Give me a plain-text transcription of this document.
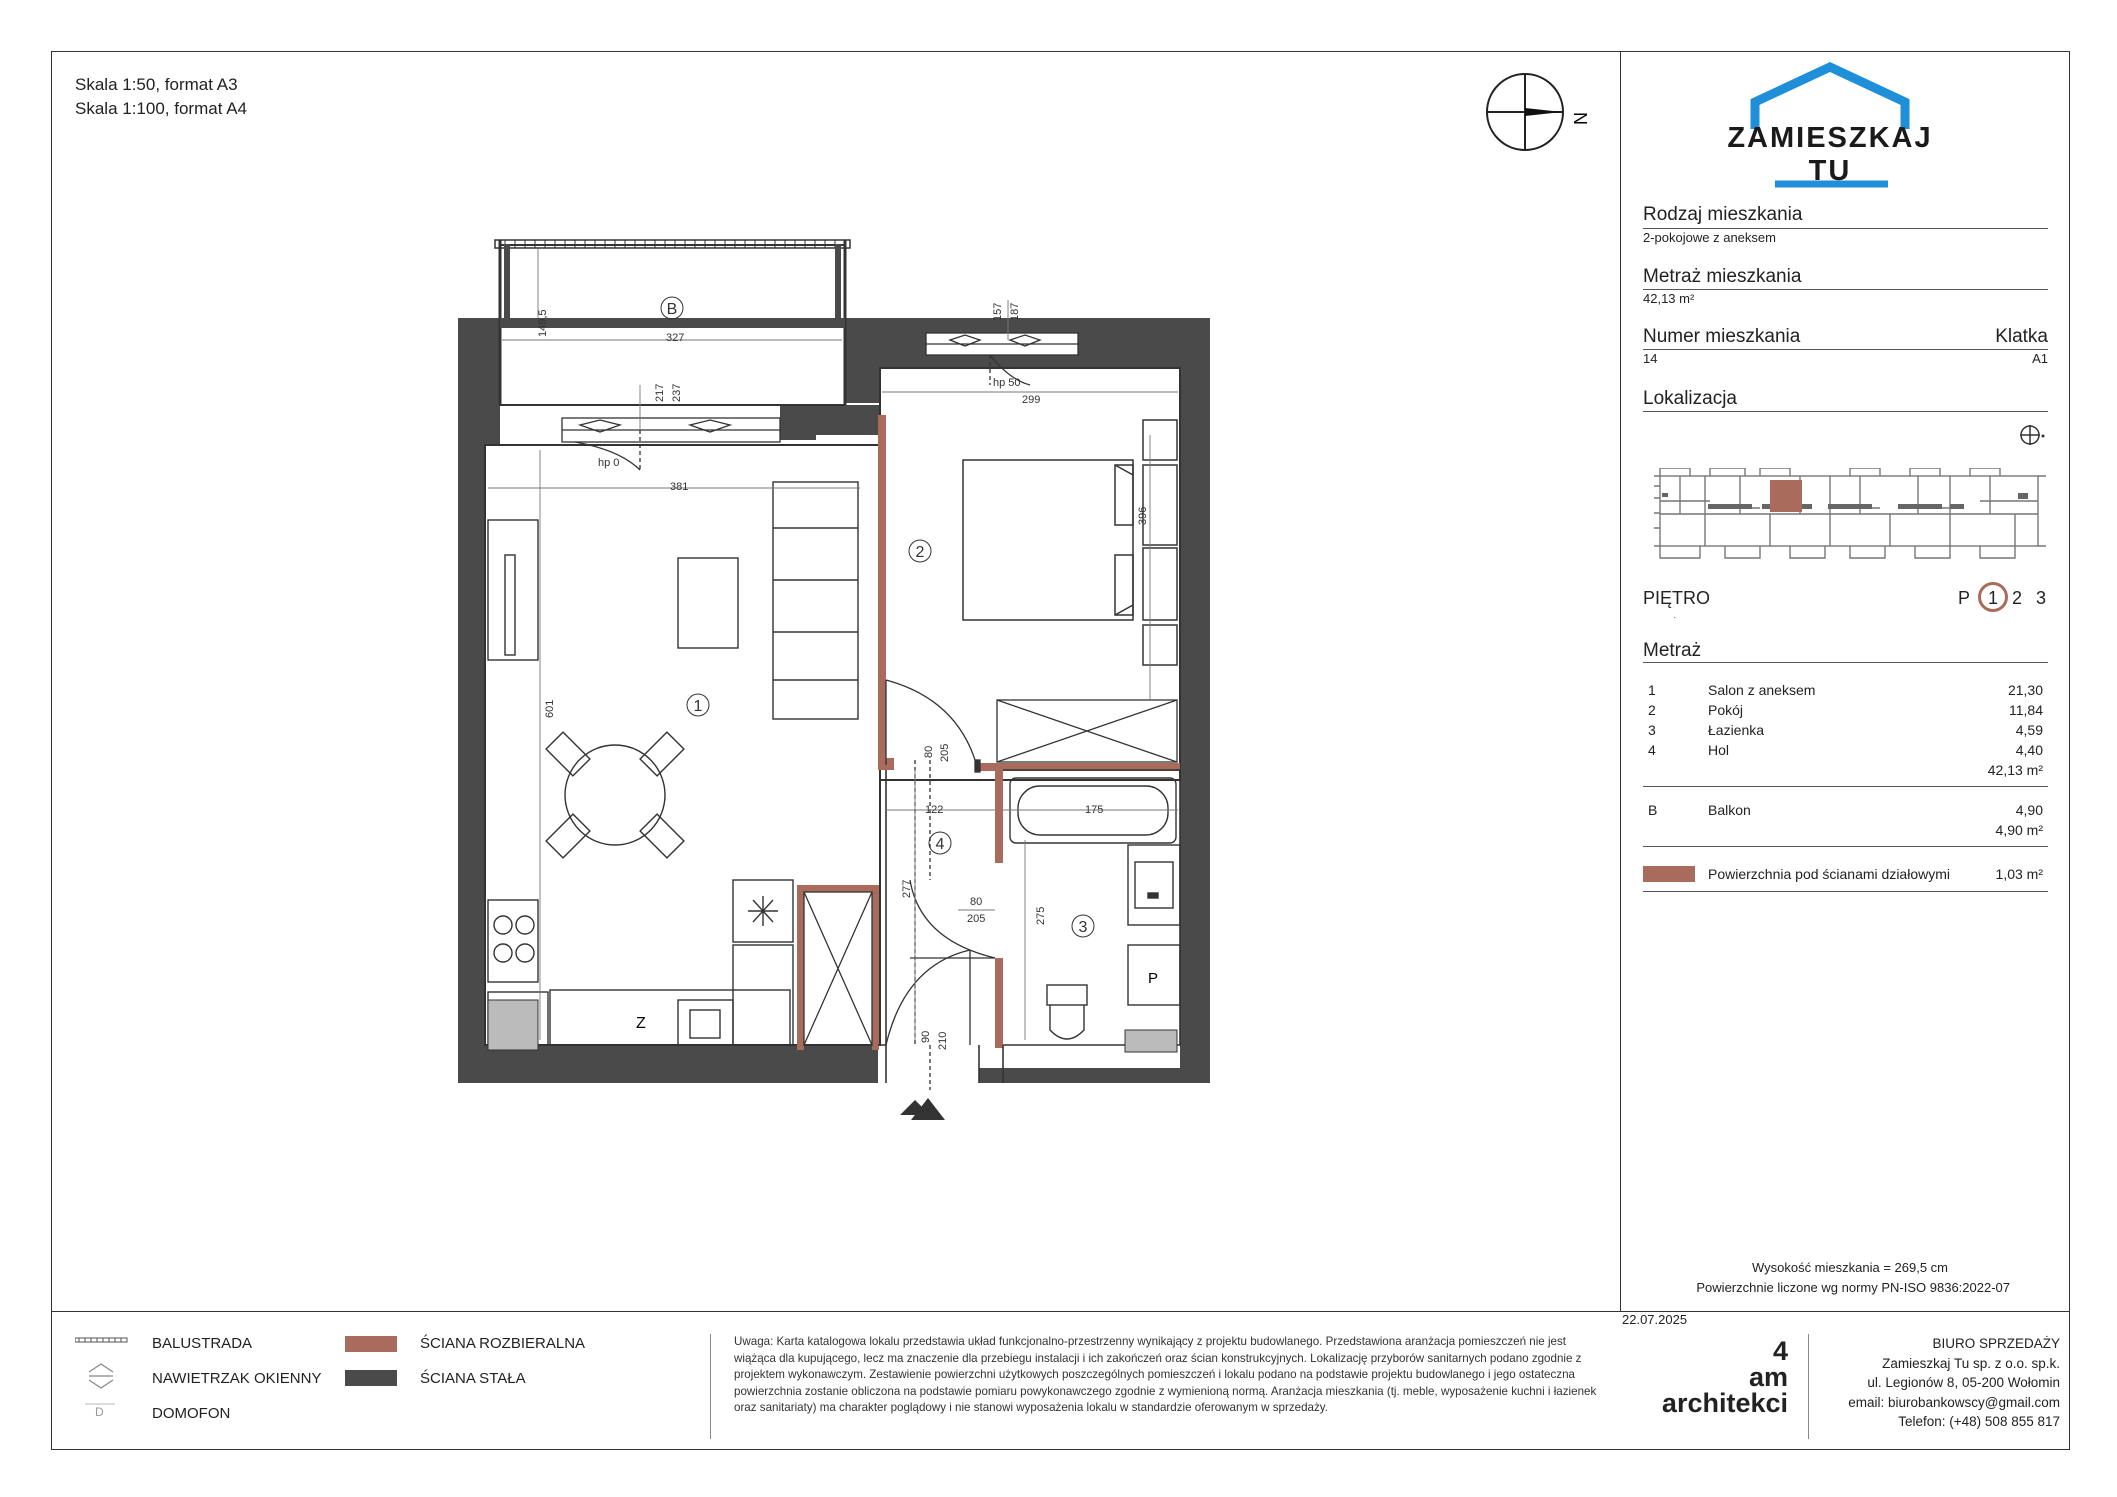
Skala 1:50, format A3
Skala 1:100, format A4
N
ZAMIESZKAJ TU
Rodzaj mieszkania
2-pokojowe z aneksem
Metraż mieszkania
42,13 m²
Numer mieszkania	Klatka
14	A1
Lokalizacja
PIĘTRO
·
P 1 2 3
Metraż
1	Salon z aneksem	21,30
2	Pokój	11,84
3	Łazienka	4,59
4	Hol	4,40
42,13 m²
B	Balkon	4,90
4,90 m²
Powierzchnia pod ścianami działowymi	1,03 m²
Wysokość mieszkania = 269,5 cm
Powierzchnie liczone wg normy PN-ISO 9836:2022-07
22.07.2025
D
BALUSTRADA
NAWIETRZAK OKIENNY
DOMOFON
ŚCIANA ROZBIERALNA
ŚCIANA STAŁA
Uwaga: Karta katalogowa lokalu przedstawia układ funkcjonalno-przestrzenny wynikający z projektu budowlanego. Przedstawiona aranżacja pomieszczeń nie jest wiążąca dla kupującego, lecz ma znaczenie dla przebiegu instalacji i ich zakończeń oraz ścian konstrukcyjnych. Lokalizację przyborów sanitarnych podano zgodnie z projektem wykonawczym. Zestawienie powierzchni użytkowych poszczególnych pomieszczeń i lokalu podano na podstawie projektu budowlanego i jego ostateczna powierzchnia zostanie obliczona na podstawie pomiaru powykonawczego zgodnie z wymienioną normą. Aranżacja mieszkania (tj. meble, wyposażenie kuchni i łazienek oraz sanitariaty) ma charakter poglądowy i nie stanowi wyposażenia lokalu w standardzie oferowanym w sprzedaży.
4
am
architekci
BIURO SPRZEDAŻY
Zamieszkaj Tu sp. z o.o. sp.k.
ul. Legionów 8, 05-200 Wołomin
email: biurobankowscy@gmail.com
Telefon: (+48) 508 855 817
P
Z
327
149,5
217 237
hp 0
381
601
157 187
hp 50
299
396
80 205
122	175
277
80
205	275
90 210
1
2
3
4
B
